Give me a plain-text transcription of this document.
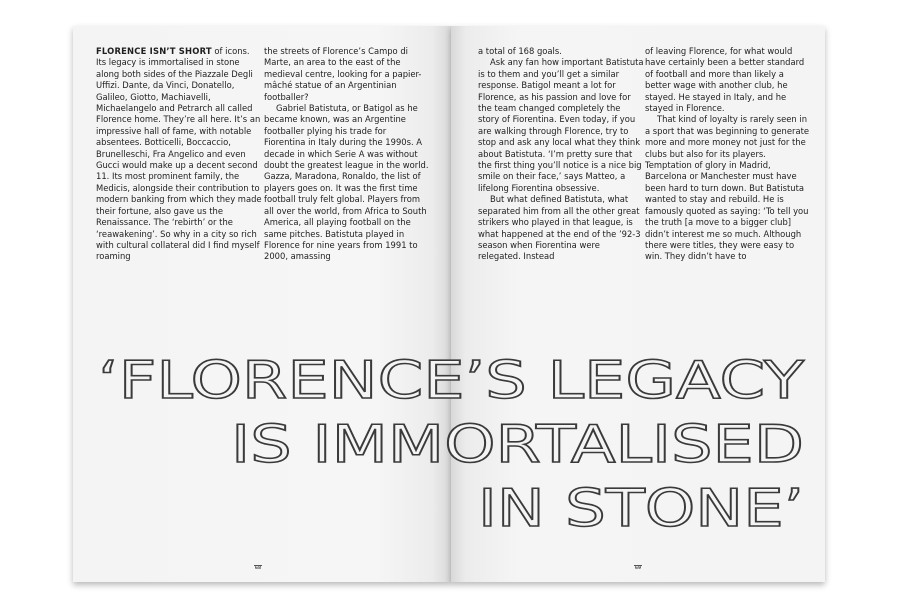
FLORENCE ISN’T SHORT of icons. Its legacy is immortalised in stone along both sides of the Piazzale Degli Uffizi. Dante, da Vinci, Donatello, Galileo, Giotto, Machiavelli, Michaelangelo and Petrarch all called Florence home. They’re all here. It’s an impressive hall of fame, with notable absentees. Botticelli, Boccaccio, Brunelleschi, Fra Angelico and even Gucci would make up a decent second 11. Its most prominent family, the Medicis, alongside their contribution to modern banking from which they made their fortune, also gave us the Renaissance. The ‘rebirth’ or the ‘reawakening’. So why in a city so rich with cultural collateral did I find myself roaming

the streets of Florence’s Campo di Marte, an area to the east of the medieval centre, looking for a papier-mâché statue of an Argentinian footballer?

Gabriel Batistuta, or Batigol as he became known, was an Argentine footballer plying his trade for Fiorentina in Italy during the 1990s. A decade in which Serie A was without doubt the greatest league in the world. Gazza, Maradona, Ronaldo, the list of players goes on. It was the first time football truly felt global. Players from all over the world, from Africa to South America, all playing football on the same pitches. Batistuta played in Florence for nine years from 1991 to 2000, amassing

a total of 168 goals.

Ask any fan how important Batistuta is to them and you’ll get a similar response. Batigol meant a lot for Florence, as his passion and love for the team changed completely the story of Fiorentina. Even today, if you are walking through Florence, try to stop and ask any local what they think about Batistuta. ‘I’m pretty sure that the first thing you’ll notice is a nice big smile on their face,’ says Matteo, a lifelong Fiorentina obsessive.

But what defined Batistuta, what separated him from all the other great strikers who played in that league, is what happened at the end of the ’92-3 season when Fiorentina were relegated. Instead

of leaving Florence, for what would have certainly been a better standard of football and more than likely a better wage with another club, he stayed. He stayed in Italy, and he stayed in Florence.

That kind of loyalty is rarely seen in a sport that was beginning to generate more and more money not just for the clubs but also for its players. Temptation of glory in Madrid, Barcelona or Manchester must have been hard to turn down. But Batistuta wanted to stay and rebuild. He is famously quoted as saying: ‘To tell you the truth [a move to a bigger club] didn’t interest me so much. Although there were titles, they were easy to win. They didn’t have to

‘FLORENCE’S LEGACY
IS IMMORTALISED
IN STONE’
68	69
